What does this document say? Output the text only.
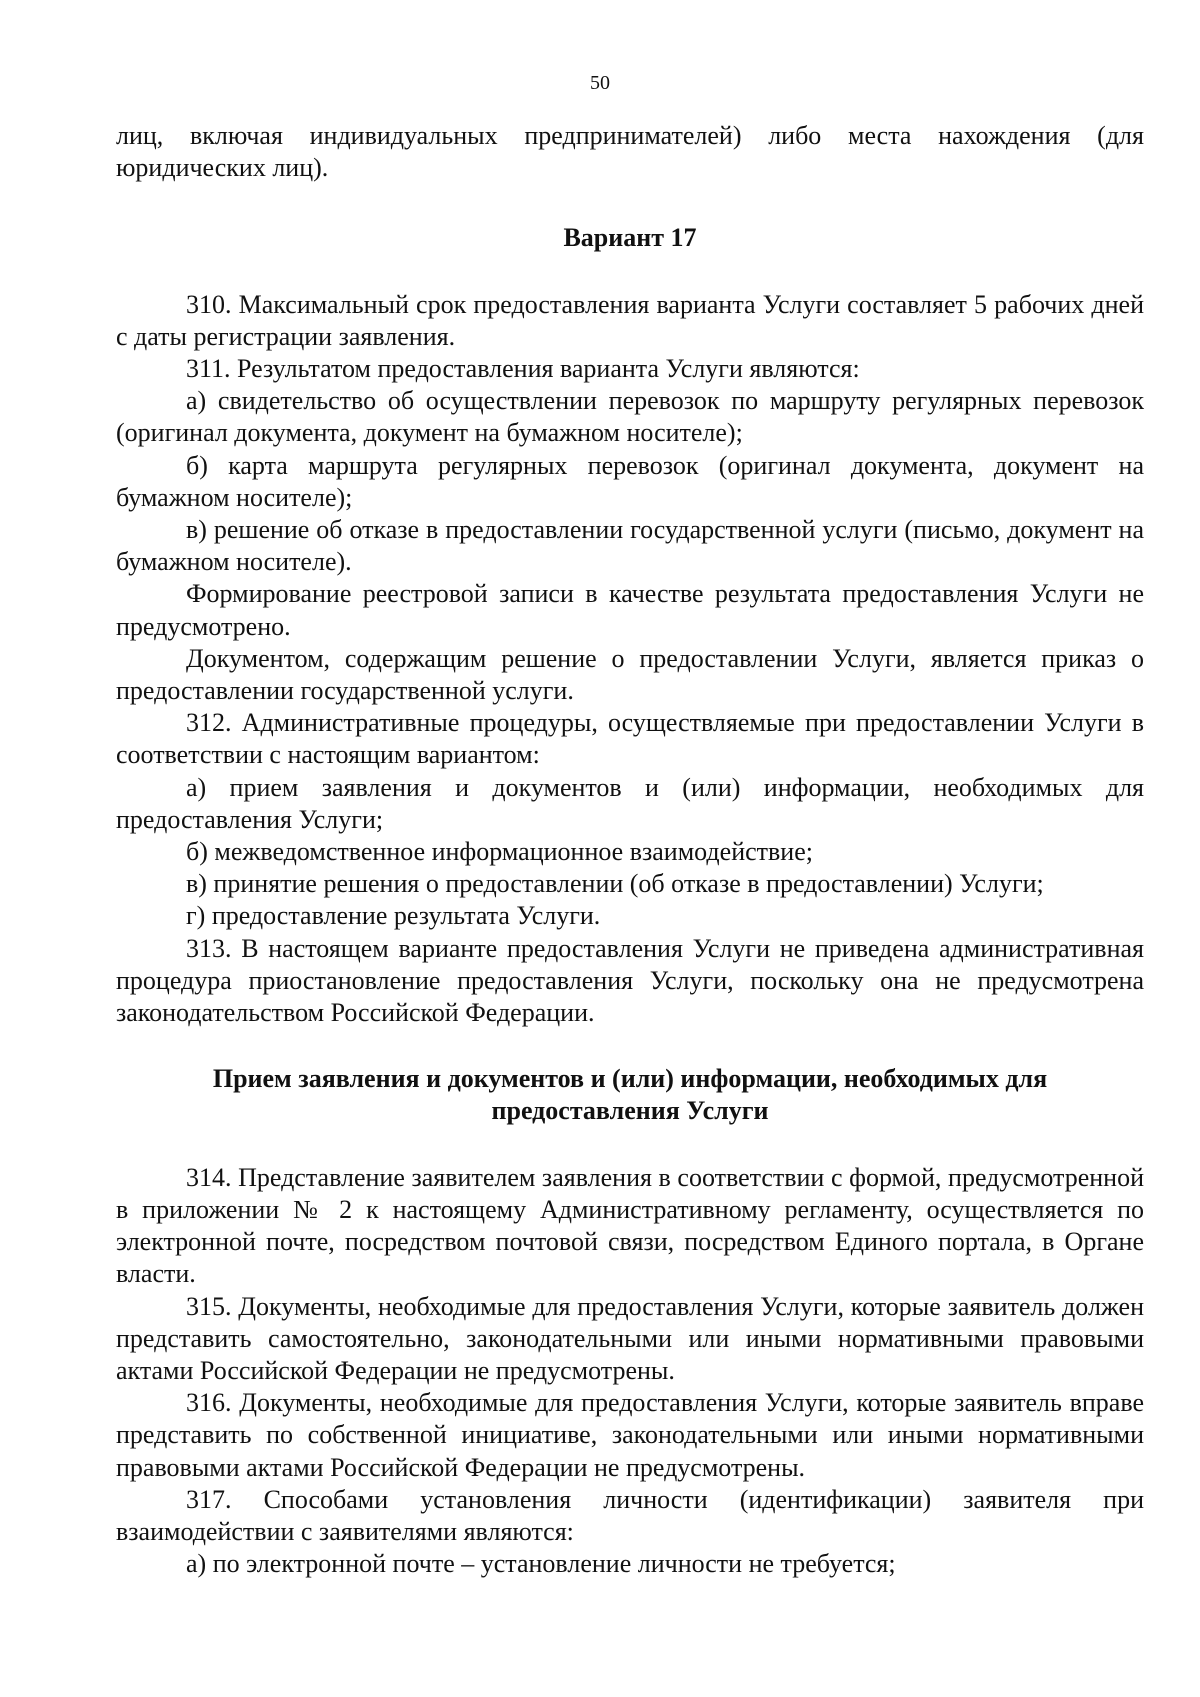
50

лиц, включая индивидуальных предпринимателей) либо места нахождения (для юридических лиц).

Вариант 17

310. Максимальный срок предоставления варианта Услуги составляет 5 рабочих дней с даты регистрации заявления.

311. Результатом предоставления варианта Услуги являются:

а) свидетельство об осуществлении перевозок по маршруту регулярных перевозок (оригинал документа, документ на бумажном носителе);

б) карта маршрута регулярных перевозок (оригинал документа, документ на бумажном носителе);

в) решение об отказе в предоставлении государственной услуги (письмо, документ на бумажном носителе).

Формирование реестровой записи в качестве результата предоставления Услуги не предусмотрено.

Документом, содержащим решение о предоставлении Услуги, является приказ о предоставлении государственной услуги.

312. Административные процедуры, осуществляемые при предоставлении Услуги в соответствии с настоящим вариантом:

а) прием заявления и документов и (или) информации, необходимых для предоставления Услуги;

б) межведомственное информационное взаимодействие;

в) принятие решения о предоставлении (об отказе в предоставлении) Услуги;

г) предоставление результата Услуги.

313. В настоящем варианте предоставления Услуги не приведена административная процедура приостановление предоставления Услуги, поскольку она не предусмотрена законодательством Российской Федерации.

Прием заявления и документов и (или) информации, необходимых для
предоставления Услуги

314. Представление заявителем заявления в соответствии с формой, предусмотренной в приложении № 2 к настоящему Административному регламенту, осуществляется по электронной почте, посредством почтовой связи, посредством Единого портала, в Органе власти.

315. Документы, необходимые для предоставления Услуги, которые заявитель должен представить самостоятельно, законодательными или иными нормативными правовыми актами Российской Федерации не предусмотрены.

316. Документы, необходимые для предоставления Услуги, которые заявитель вправе представить по собственной инициативе, законодательными или иными нормативными правовыми актами Российской Федерации не предусмотрены.

317. Способами установления личности (идентификации) заявителя при взаимодействии с заявителями являются:

а) по электронной почте – установление личности не требуется;
